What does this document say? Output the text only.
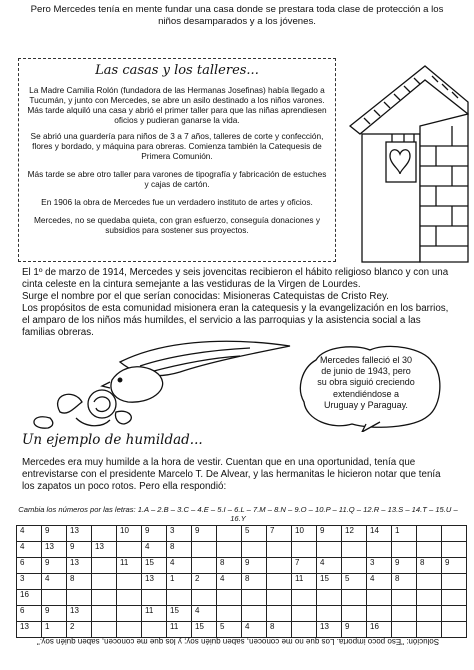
Pero Mercedes tenía en mente fundar una casa donde se prestara toda clase de protección a los niños desamparados y a los jóvenes.
Las casas y los talleres...
La Madre Camilia Rolón (fundadora de las Hermanas Josefinas) había llegado a Tucumán, y junto con Mercedes, se abre un asilo destinado a los niños varones. Más tarde alquiló una casa y abrió el primer taller para que las niñas aprendiesen oficios y pudieran ganarse la vida.
Se abrió una guardería para niños de 3 a 7 años, talleres de corte y confección, flores y bordado, y máquina para obreras. Comienza también la Catequesis de Primera Comunión.
Más tarde se abre otro taller para varones de tipografía y fabricación de estuches y cajas de cartón.
En 1906 la obra de Mercedes fue un verdadero instituto de artes y oficios.
Mercedes, no se quedaba quieta, con gran esfuerzo, conseguía donaciones y subsidios para sostener sus proyectos.
El 1º de marzo de 1914, Mercedes y seis jovencitas recibieron el hábito religioso blanco y con una cinta celeste en la cintura semejante a las vestiduras de la Virgen de Lourdes.
Surge el nombre por el que serían conocidas: Misioneras Catequistas de Cristo Rey.
Los propósitos de esta comunidad misionera eran la catequesis y la evangelización en los barrios, el amparo de los niños más humildes, el servicio a las parroquias y la asistencia social a las familias obreras.
Mercedes falleció el 30 de junio de 1943, pero su obra siguió creciendo extendiéndose a Uruguay y Paraguay.
Un ejemplo de humildad...
Mercedes era muy humilde a la hora de vestir. Cuentan que en una oportunidad, tenía que entrevistarse con el presidente Marcelo T. De Alvear, y las hermanitas le hicieron notar que tenía los zapatos un poco rotos. Pero ella respondió:
Cambia los números por las letras: 1.A – 2.B – 3.C – 4.E – 5.I – 6.L – 7.M – 8.N – 9.O – 10.P – 11.Q – 12.R – 13.S – 14.T – 15.U – 16.Y
4	9	13		10	9	3	9		5	7	10	9	12	14	1		
4	13	9	13		4	8											
6	9	13		11	15	4		8	9		7	4		3	9	8	9
3	4	8			13	1	2	4	8		11	15	5	4	8		
16																	
6	9	13			11	15	4										
13	1	2				11	15	5	4	8		13	9	16			
Solución: "Eso poco importa. Los que no me conocen, saben quién soy; y los que me conocen, saben quién soy."
